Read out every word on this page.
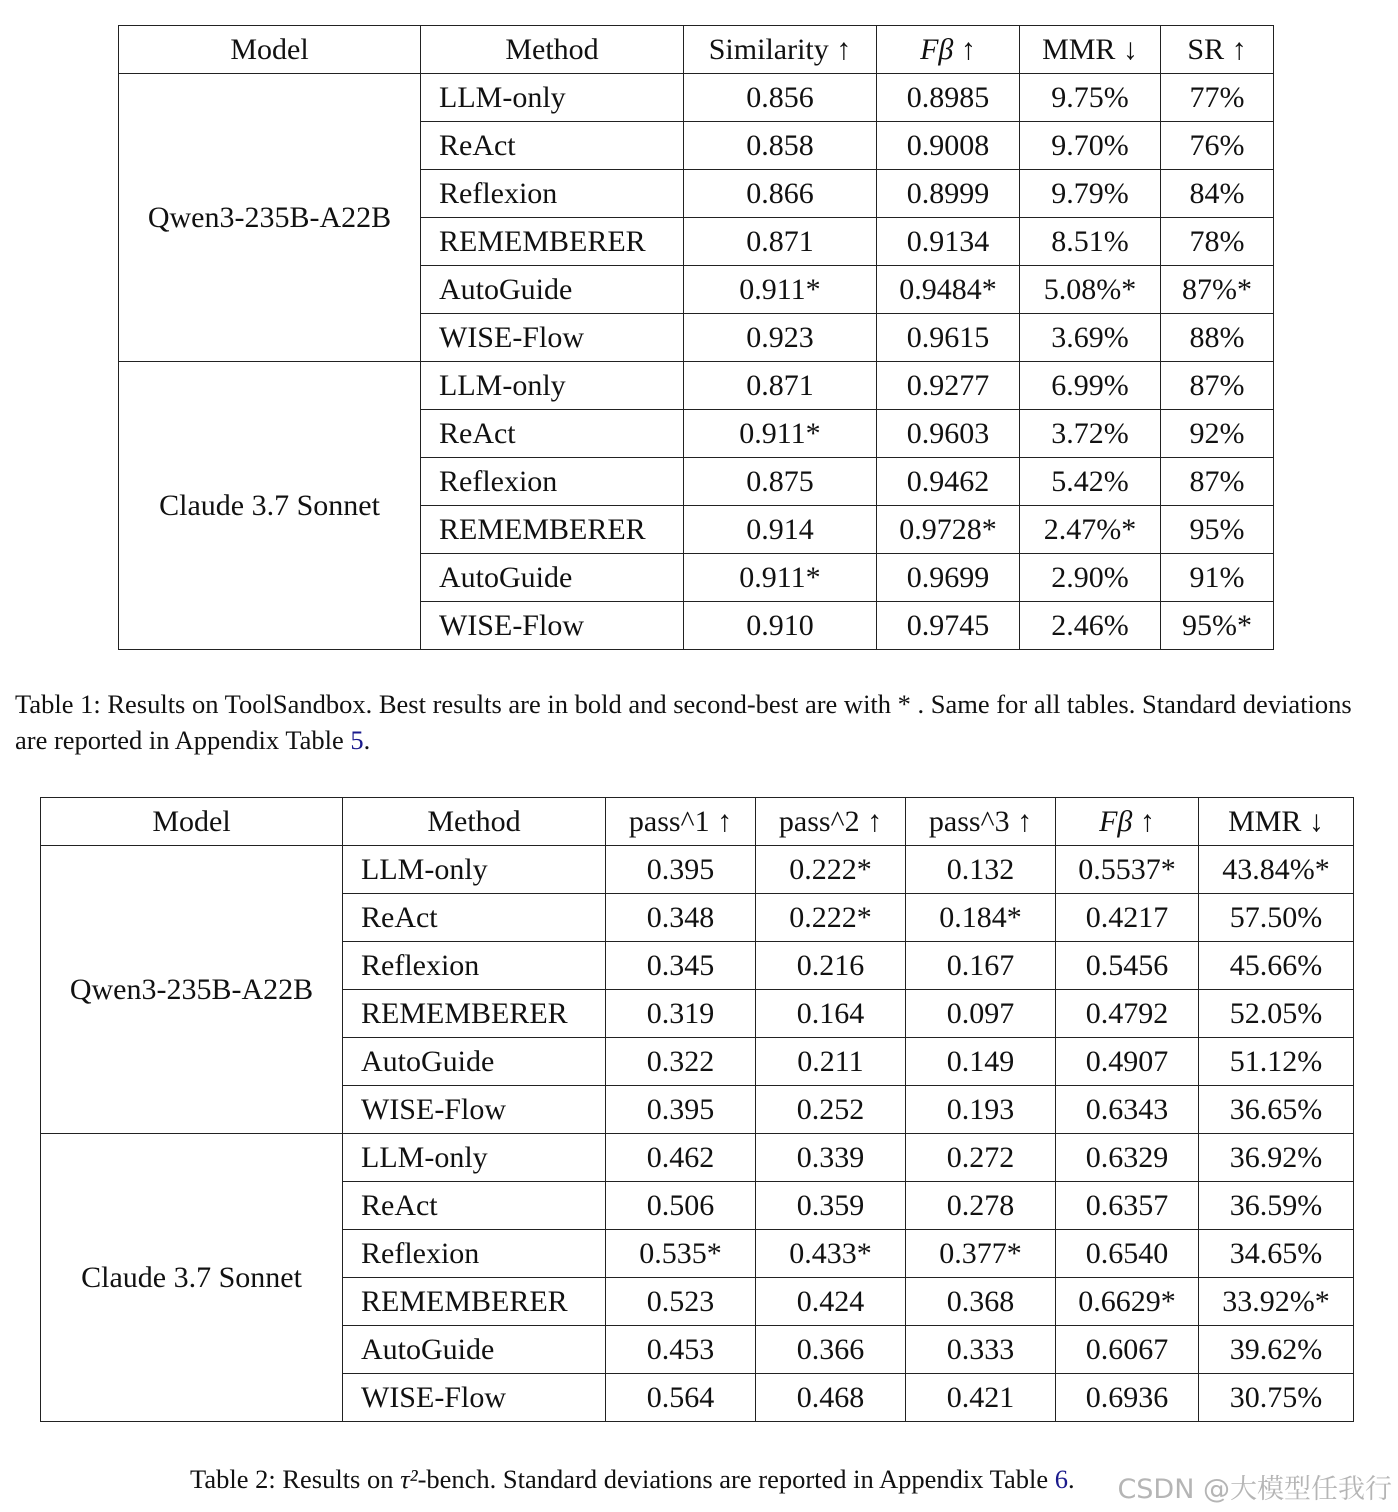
Model	Method	Similarity ↑	Fβ ↑	MMR ↓	SR ↑
Qwen3-235B-A22B	LLM-only	0.856	0.8985	9.75%	77%
	ReAct	0.858	0.9008	9.70%	76%
	Reflexion	0.866	0.8999	9.79%	84%
	REMEMBERER	0.871	0.9134	8.51%	78%
	AutoGuide	0.911*	0.9484*	5.08%*	87%*
	WISE-Flow	0.923	0.9615	3.69%	88%
Claude 3.7 Sonnet	LLM-only	0.871	0.9277	6.99%	87%
	ReAct	0.911*	0.9603	3.72%	92%
	Reflexion	0.875	0.9462	5.42%	87%
	REMEMBERER	0.914	0.9728*	2.47%*	95%
	AutoGuide	0.911*	0.9699	2.90%	91%
	WISE-Flow	0.910	0.9745	2.46%	95%*

Table 1: Results on ToolSandbox. Best results are in bold and second-best are with * . Same for all tables. Standard deviations are reported in Appendix Table 5.

Model	Method	pass^1 ↑	pass^2 ↑	pass^3 ↑	Fβ ↑	MMR ↓
Qwen3-235B-A22B	LLM-only	0.395	0.222*	0.132	0.5537*	43.84%*
	ReAct	0.348	0.222*	0.184*	0.4217	57.50%
	Reflexion	0.345	0.216	0.167	0.5456	45.66%
	REMEMBERER	0.319	0.164	0.097	0.4792	52.05%
	AutoGuide	0.322	0.211	0.149	0.4907	51.12%
	WISE-Flow	0.395	0.252	0.193	0.6343	36.65%
Claude 3.7 Sonnet	LLM-only	0.462	0.339	0.272	0.6329	36.92%
	ReAct	0.506	0.359	0.278	0.6357	36.59%
	Reflexion	0.535*	0.433*	0.377*	0.6540	34.65%
	REMEMBERER	0.523	0.424	0.368	0.6629*	33.92%*
	AutoGuide	0.453	0.366	0.333	0.6067	39.62%
	WISE-Flow	0.564	0.468	0.421	0.6936	30.75%

Table 2: Results on τ²-bench. Standard deviations are reported in Appendix Table 6. CSDN @大模型任我行
